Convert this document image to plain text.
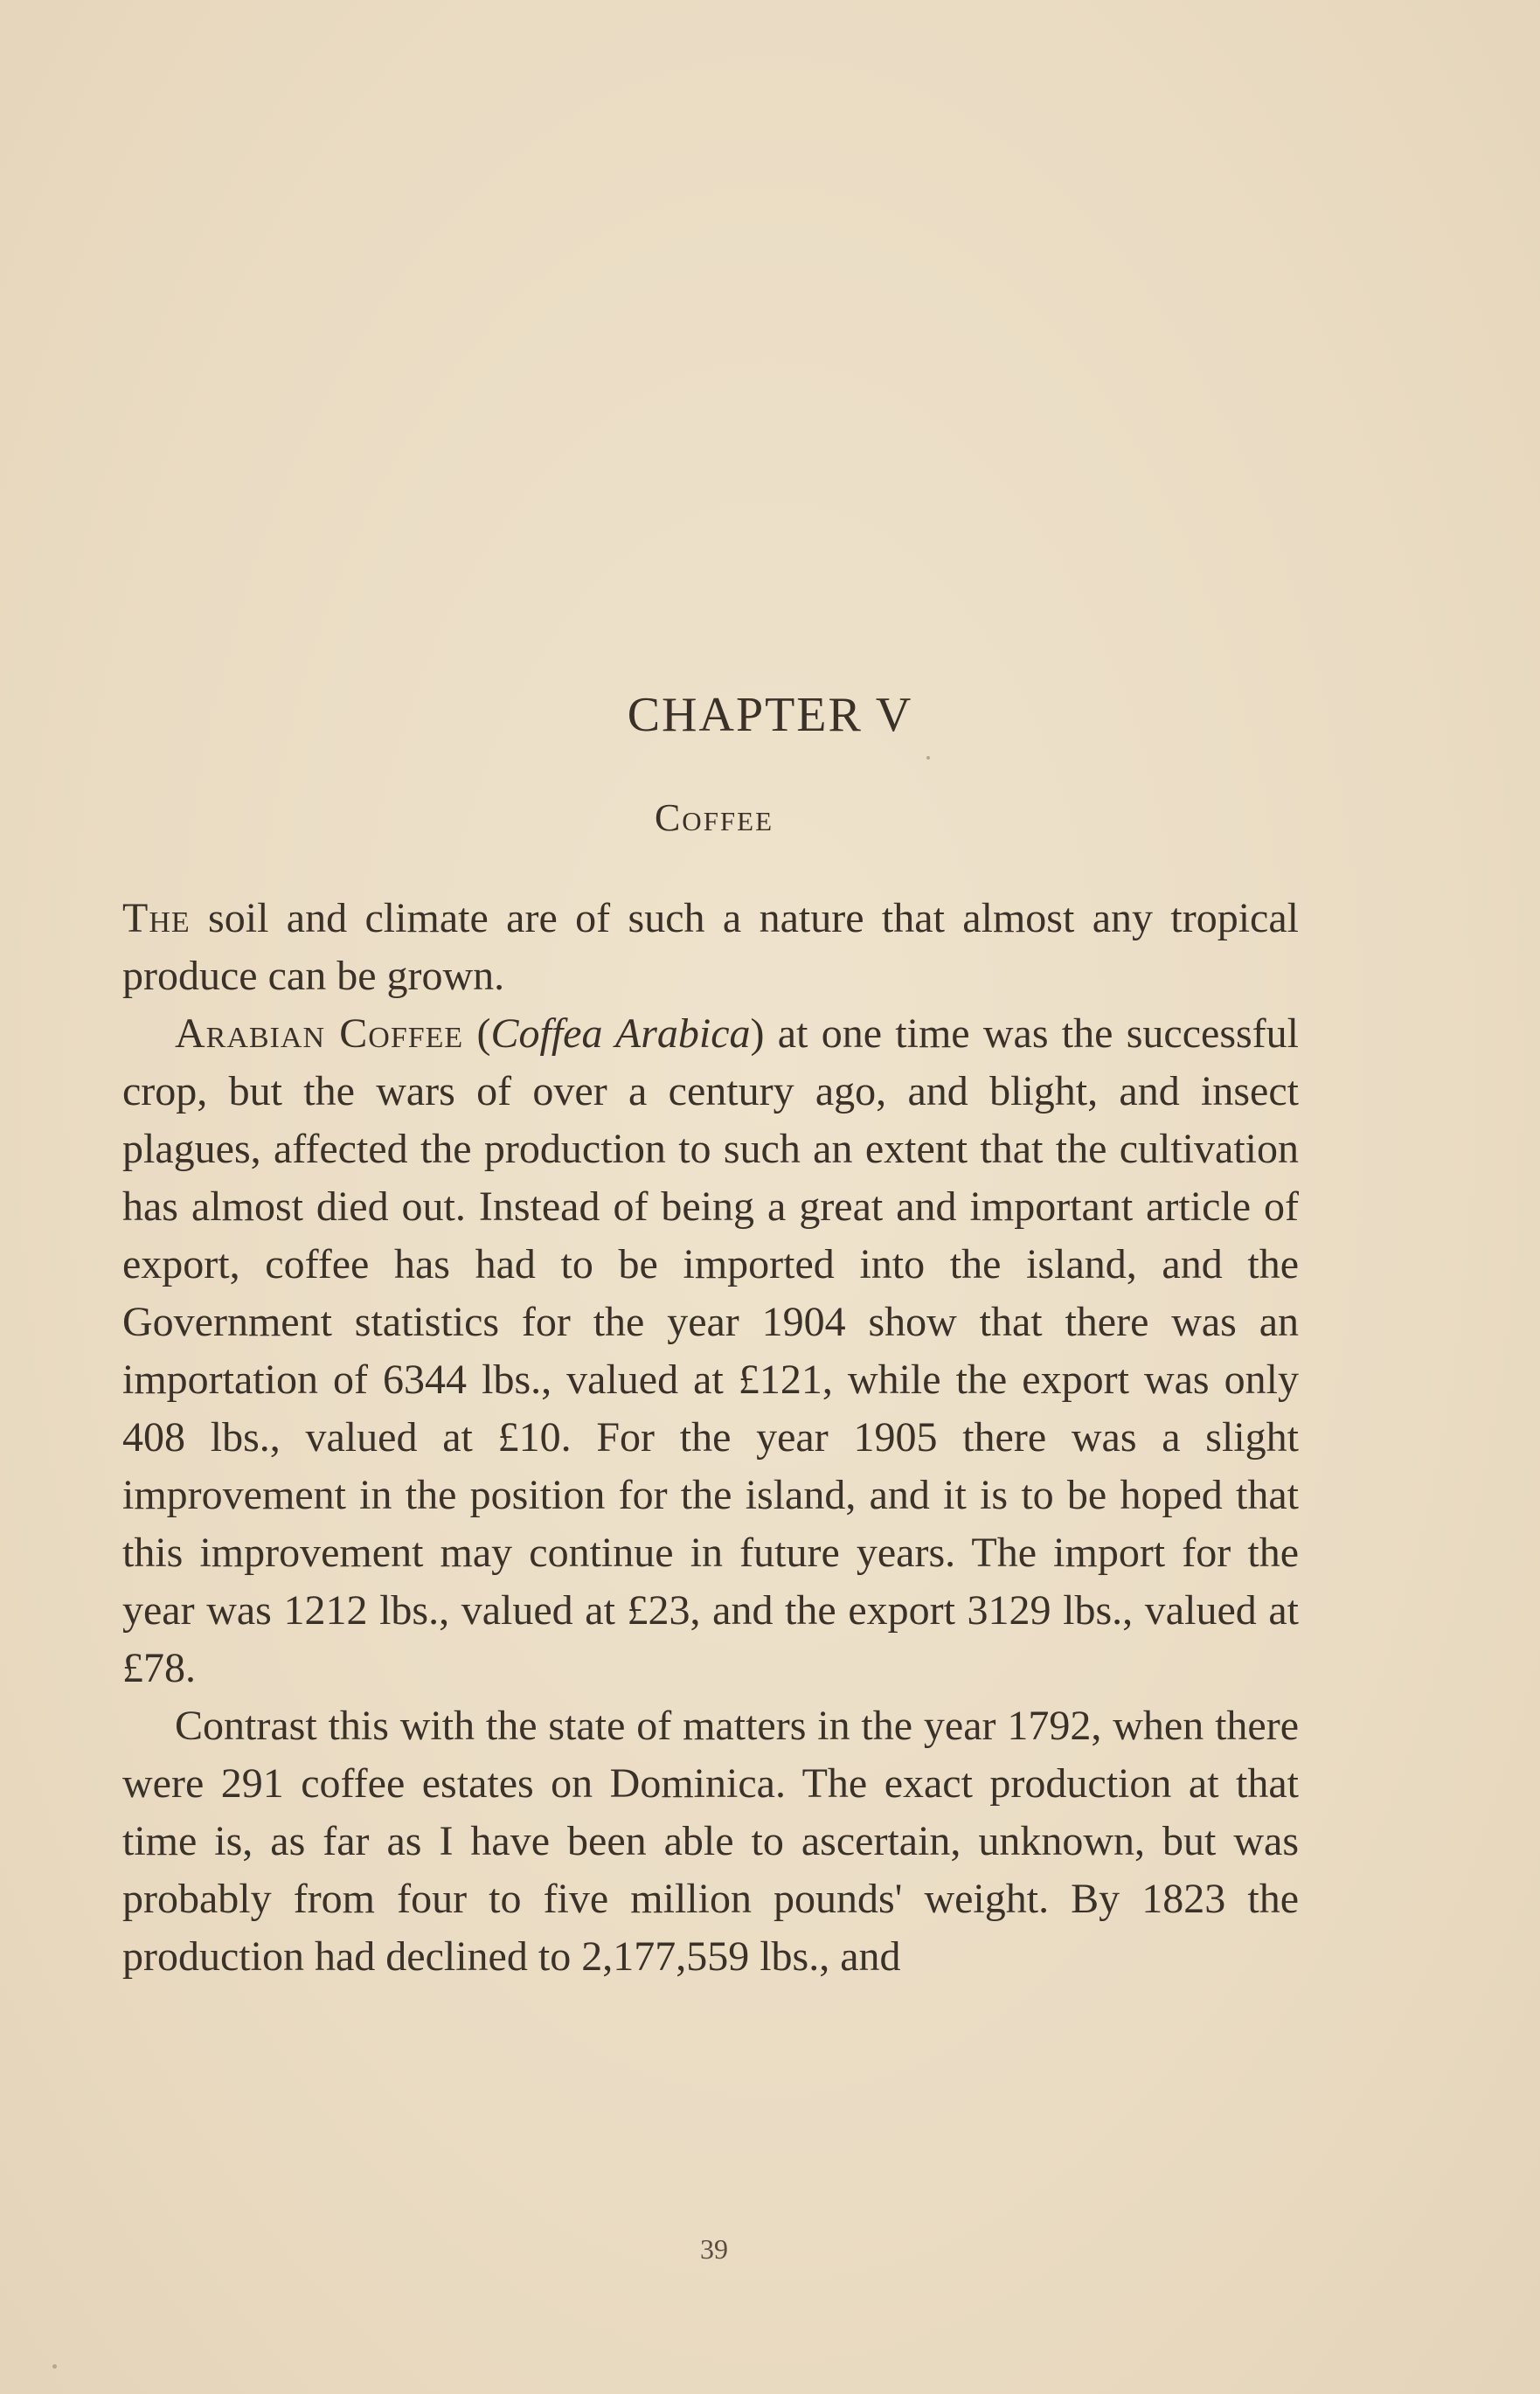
CHAPTER V
Coffee

The soil and climate are of such a nature that almost any tropical produce can be grown.

Arabian Coffee (Coffea Arabica) at one time was the successful crop, but the wars of over a century ago, and blight, and insect plagues, affected the production to such an extent that the cultivation has almost died out. Instead of being a great and important article of export, coffee has had to be imported into the island, and the Government statistics for the year 1904 show that there was an importation of 6344 lbs., valued at £121, while the export was only 408 lbs., valued at £10. For the year 1905 there was a slight improvement in the position for the island, and it is to be hoped that this improvement may continue in future years. The import for the year was 1212 lbs., valued at £23, and the export 3129 lbs., valued at £78.

Contrast this with the state of matters in the year 1792, when there were 291 coffee estates on Dominica. The exact production at that time is, as far as I have been able to ascertain, unknown, but was probably from four to five million pounds' weight. By 1823 the production had declined to 2,177,559 lbs., and

39
